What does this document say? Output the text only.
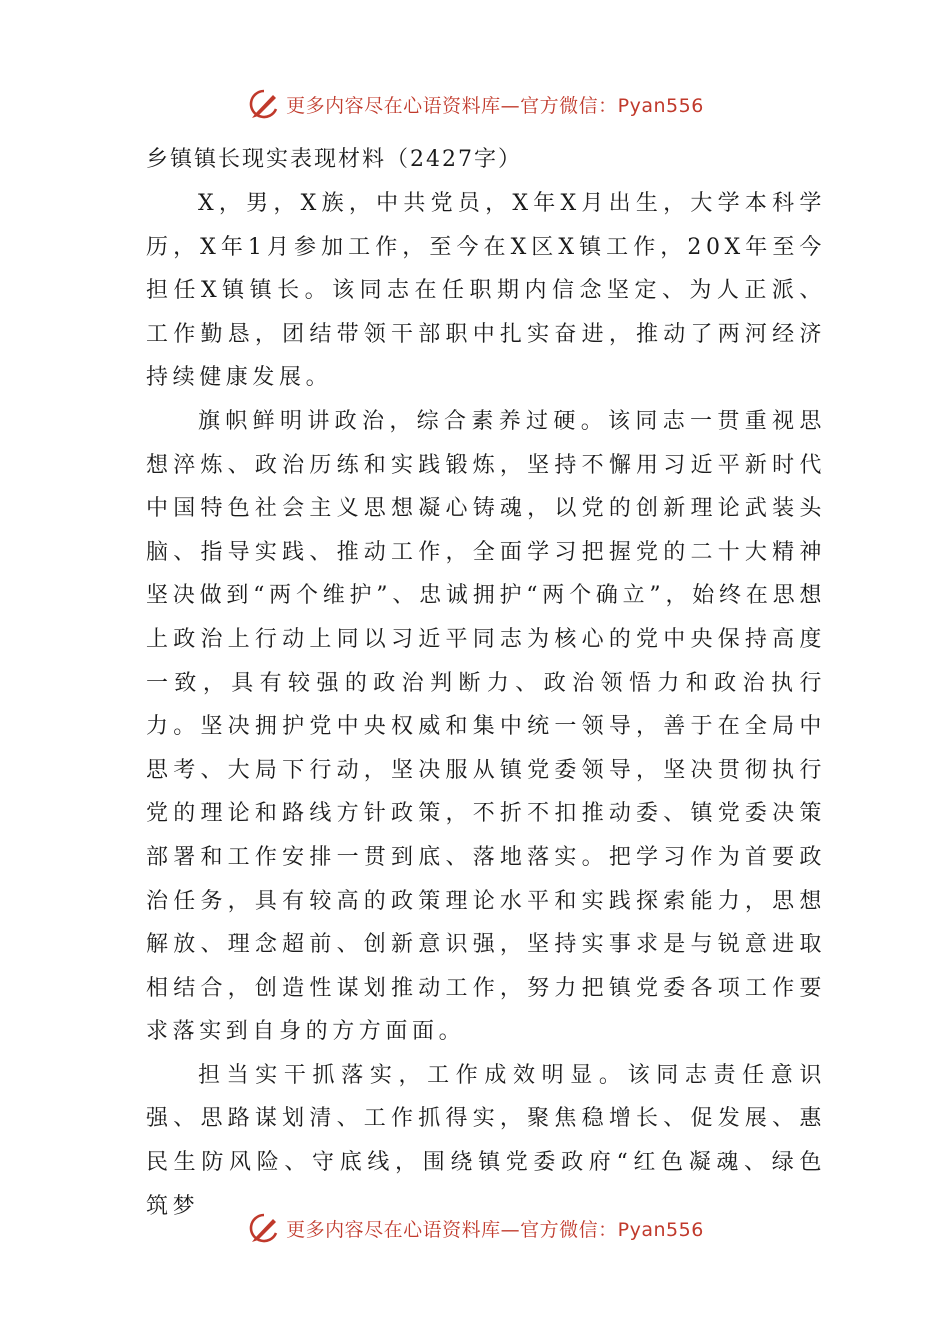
更多内容尽在心语资料库—官方微信：Pyan556

乡镇镇长现实表现材料（2427字）

X，男，X族，中共党员，X年X月出生，大学本科学历，X年1月参加工作，至今在X区X镇工作，20X年至今担任X镇镇长。该同志在任职期内信念坚定、为人正派、工作勤恳，团结带领干部职中扎实奋进，推动了两河经济持续健康发展。

旗帜鲜明讲政治，综合素养过硬。该同志一贯重视思想淬炼、政治历练和实践锻炼，坚持不懈用习近平新时代中国特色社会主义思想凝心铸魂，以党的创新理论武装头脑、指导实践、推动工作，全面学习把握党的二十大精神坚决做到“两个维护”、忠诚拥护“两个确立”，始终在思想上政治上行动上同以习近平同志为核心的党中央保持高度一致，具有较强的政治判断力、政治领悟力和政治执行力。坚决拥护党中央权威和集中统一领导，善于在全局中思考、大局下行动，坚决服从镇党委领导，坚决贯彻执行党的理论和路线方针政策，不折不扣推动委、镇党委决策部署和工作安排一贯到底、落地落实。把学习作为首要政治任务，具有较高的政策理论水平和实践探索能力，思想解放、理念超前、创新意识强，坚持实事求是与锐意进取相结合，创造性谋划推动工作，努力把镇党委各项工作要求落实到自身的方方面面。

担当实干抓落实，工作成效明显。该同志责任意识强、思路谋划清、工作抓得实，聚焦稳增长、促发展、惠民生防风险、守底线，围绕镇党委政府“红色凝魂、绿色筑梦

更多内容尽在心语资料库—官方微信：Pyan556
